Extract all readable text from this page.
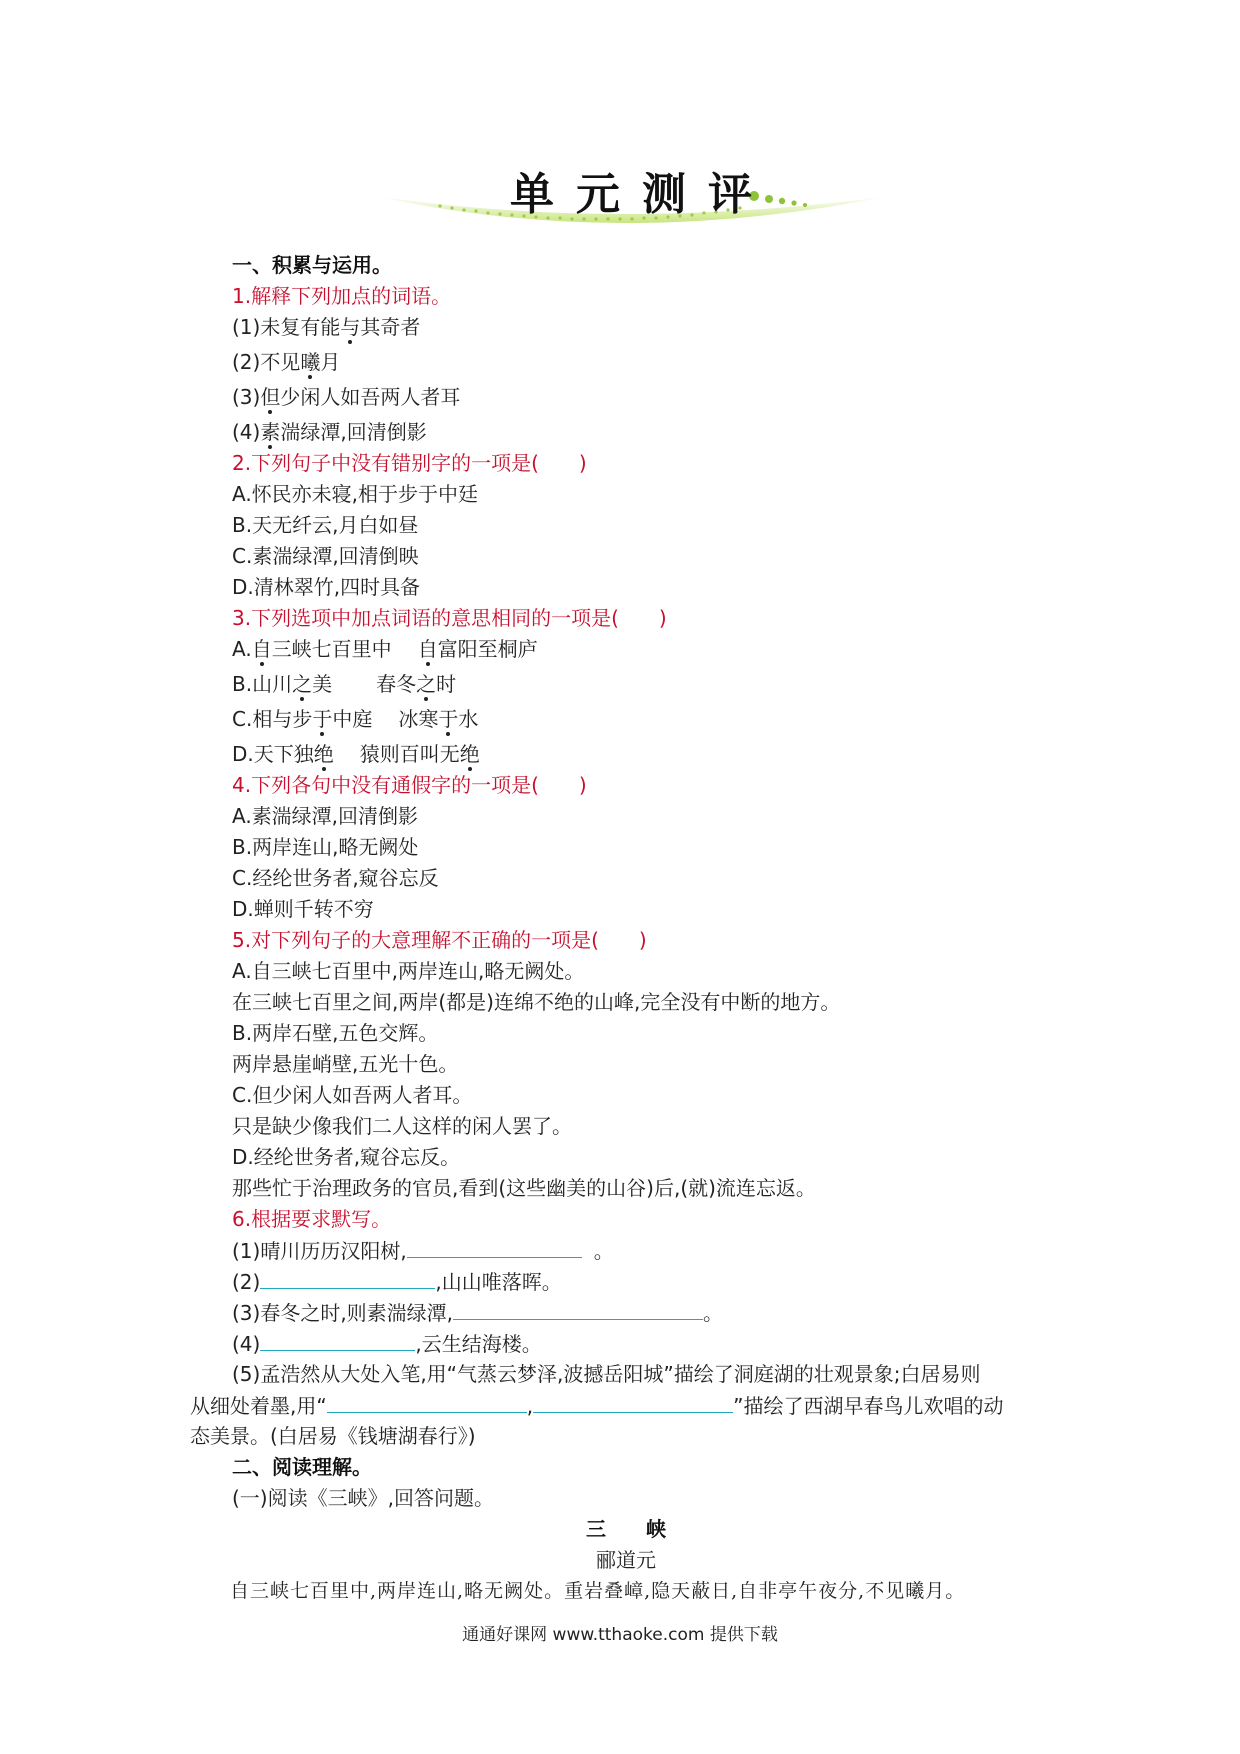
单元测评
一、积累与运用。
1.解释下列加点的词语。
(1)未复有能与其奇者
(2)不见曦月
(3)但少闲人如吾两人者耳
(4)素湍绿潭,回清倒影
2.下列句子中没有错别字的一项是(　　)
A.怀民亦未寝,相于步于中廷
B.天无纤云,月白如昼
C.素湍绿潭,回清倒映
D.清林翠竹,四时具备
3.下列选项中加点词语的意思相同的一项是(　　)
A.自三峡七百里中 自富阳至桐庐
B.山川之美 春冬之时
C.相与步于中庭 冰寒于水
D.天下独绝 猿则百叫无绝
4.下列各句中没有通假字的一项是(　　)
A.素湍绿潭,回清倒影
B.两岸连山,略无阙处
C.经纶世务者,窥谷忘反
D.蝉则千转不穷
5.对下列句子的大意理解不正确的一项是(　　)
A.自三峡七百里中,两岸连山,略无阙处。
在三峡七百里之间,两岸(都是)连绵不绝的山峰,完全没有中断的地方。
B.两岸石壁,五色交辉。
两岸悬崖峭壁,五光十色。
C.但少闲人如吾两人者耳。
只是缺少像我们二人这样的闲人罢了。
D.经纶世务者,窥谷忘反。
那些忙于治理政务的官员,看到(这些幽美的山谷)后,(就)流连忘返。
6.根据要求默写。
(1)晴川历历汉阳树,	。
(2)	,山山唯落晖。
(3)春冬之时,则素湍绿潭,	。
(4)	,云生结海楼。
(5)孟浩然从大处入笔,用“气蒸云梦泽,波撼岳阳城”描绘了洞庭湖的壮观景象;白居易则
从细处着墨,用“	,	”描绘了西湖早春鸟儿欢唱的动
态美景。(白居易《钱塘湖春行》)
二、阅读理解。
(一)阅读《三峡》,回答问题。
三　　峡
郦道元
自三峡七百里中,两岸连山,略无阙处。重岩叠嶂,隐天蔽日,自非亭午夜分,不见曦月。
通通好课网 www.tthaoke.com 提供下载
